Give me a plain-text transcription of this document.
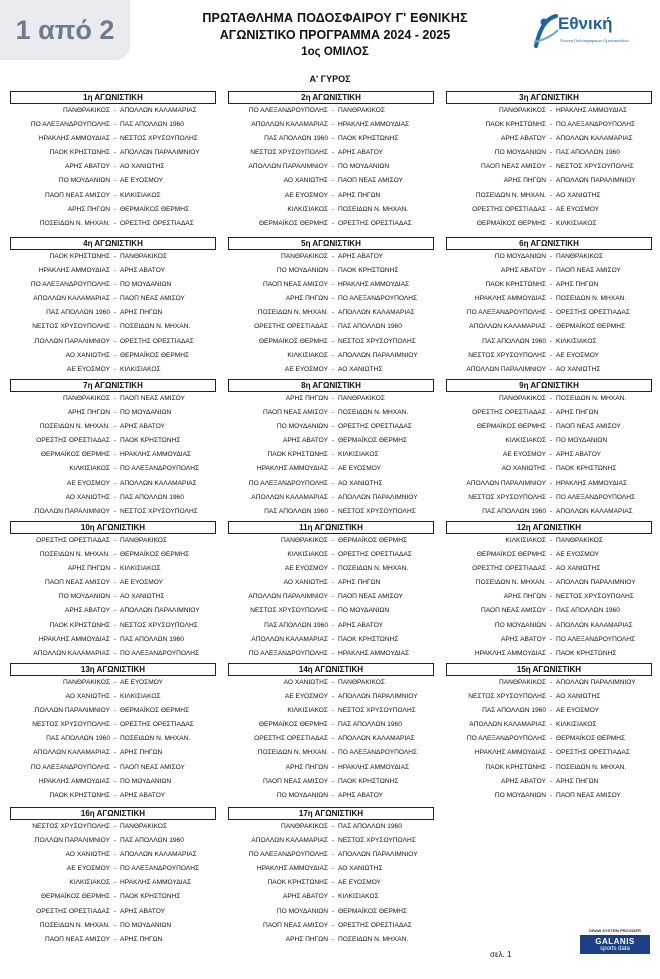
1 από 2	ΠΡΩΤΑΘΛΗΜΑ ΠΟΔΟΣΦΑΙΡΟΥ Γ' ΕΘΝΙΚΗΣ
ΑΓΩΝΙΣΤΙΚΟ ΠΡΟΓΡΑΜΜΑ 2024 - 2025
1ος ΟΜΙΛΟΣ
Εθνική
Ένωση Ποδοσφαιρικών Ομοσπονδιών
Α' ΓΥΡΟΣ
1η ΑΓΩΝΙΣΤΙΚΗ
ΠΑΝΘΡΑΚΙΚΟΣ - ΑΠΟΛΛΩΝ ΚΑΛΑΜΑΡΙΑΣ
ΠΟ ΑΛΕΞΑΝΔΡΟΥΠΟΛΗΣ - ΠΑΣ ΑΠΟΛΛΩΝ 1960
ΗΡΑΚΛΗΣ ΑΜΜΟΥΔΙΑΣ - ΝΕΣΤΟΣ ΧΡΥΣΟΥΠΟΛΗΣ
ΠΑΟΚ ΚΡΗΣΤΩΝΗΣ - ΑΠΟΛΛΩΝ ΠΑΡΑΛΙΜΝΙΟΥ
ΑΡΗΣ ΑΒΑΤΟΥ - ΑΟ ΧΑΝΙΩΤΗΣ
ΠΟ ΜΟΥΔΑΝΙΩΝ - ΑΕ ΕΥΟΣΜΟΥ
ΠΑΟΠ ΝΕΑΣ ΑΜΙΣΟΥ - ΚΙΛΚΙΣΙΑΚΟΣ
ΑΡΗΣ ΠΗΓΩΝ - ΘΕΡΜΑΪΚΟΣ ΘΕΡΜΗΣ
ΠΟΣΕΙΔΩΝ Ν. ΜΗΧΑΝ. - ΟΡΕΣΤΗΣ ΟΡΕΣΤΙΑΔΑΣ
2η ΑΓΩΝΙΣΤΙΚΗ
ΠΟ ΑΛΕΞΑΝΔΡΟΥΠΟΛΗΣ - ΠΑΝΘΡΑΚΙΚΟΣ
ΑΠΟΛΛΩΝ ΚΑΛΑΜΑΡΙΑΣ - ΗΡΑΚΛΗΣ ΑΜΜΟΥΔΙΑΣ
ΠΑΣ ΑΠΟΛΛΩΝ 1960 - ΠΑΟΚ ΚΡΗΣΤΩΝΗΣ
ΝΕΣΤΟΣ ΧΡΥΣΟΥΠΟΛΗΣ - ΑΡΗΣ ΑΒΑΤΟΥ
ΑΠΟΛΛΩΝ ΠΑΡΑΛΙΜΝΙΟΥ - ΠΟ ΜΟΥΔΑΝΙΩΝ
ΑΟ ΧΑΝΙΩΤΗΣ - ΠΑΟΠ ΝΕΑΣ ΑΜΙΣΟΥ
ΑΕ ΕΥΟΣΜΟΥ - ΑΡΗΣ ΠΗΓΩΝ
ΚΙΛΚΙΣΙΑΚΟΣ - ΠΟΣΕΙΔΩΝ Ν. ΜΗΧΑΝ.
ΘΕΡΜΑΪΚΟΣ ΘΕΡΜΗΣ - ΟΡΕΣΤΗΣ ΟΡΕΣΤΙΑΔΑΣ
3η ΑΓΩΝΙΣΤΙΚΗ
ΠΑΝΘΡΑΚΙΚΟΣ - ΗΡΑΚΛΗΣ ΑΜΜΟΥΔΙΑΣ
ΠΑΟΚ ΚΡΗΣΤΩΝΗΣ - ΠΟ ΑΛΕΞΑΝΔΡΟΥΠΟΛΗΣ
ΑΡΗΣ ΑΒΑΤΟΥ - ΑΠΟΛΛΩΝ ΚΑΛΑΜΑΡΙΑΣ
ΠΟ ΜΟΥΔΑΝΙΩΝ - ΠΑΣ ΑΠΟΛΛΩΝ 1960
ΠΑΟΠ ΝΕΑΣ ΑΜΙΣΟΥ - ΝΕΣΤΟΣ ΧΡΥΣΟΥΠΟΛΗΣ
ΑΡΗΣ ΠΗΓΩΝ - ΑΠΟΛΛΩΝ ΠΑΡΑΛΙΜΝΙΟΥ
ΠΟΣΕΙΔΩΝ Ν. ΜΗΧΑΝ. - ΑΟ ΧΑΝΙΩΤΗΣ
ΟΡΕΣΤΗΣ ΟΡΕΣΤΙΑΔΑΣ - ΑΕ ΕΥΟΣΜΟΥ
ΘΕΡΜΑΪΚΟΣ ΘΕΡΜΗΣ - ΚΙΛΚΙΣΙΑΚΟΣ
4η ΑΓΩΝΙΣΤΙΚΗ
ΠΑΟΚ ΚΡΗΣΤΩΝΗΣ - ΠΑΝΘΡΑΚΙΚΟΣ
ΗΡΑΚΛΗΣ ΑΜΜΟΥΔΙΑΣ - ΑΡΗΣ ΑΒΑΤΟΥ
ΠΟ ΑΛΕΞΑΝΔΡΟΥΠΟΛΗΣ - ΠΟ ΜΟΥΔΑΝΙΩΝ
ΑΠΟΛΛΩΝ ΚΑΛΑΜΑΡΙΑΣ - ΠΑΟΠ ΝΕΑΣ ΑΜΙΣΟΥ
ΠΑΣ ΑΠΟΛΛΩΝ 1960 - ΑΡΗΣ ΠΗΓΩΝ
ΝΕΣΤΟΣ ΧΡΥΣΟΥΠΟΛΗΣ - ΠΟΣΕΙΔΩΝ Ν. ΜΗΧΑΝ.
.ΠΟΛΛΩΝ ΠΑΡΑΛΙΜΝΙΟΥ - ΟΡΕΣΤΗΣ ΟΡΕΣΤΙΑΔΑΣ
ΑΟ ΧΑΝΙΩΤΗΣ - ΘΕΡΜΑΪΚΟΣ ΘΕΡΜΗΣ
ΑΕ ΕΥΟΣΜΟΥ - ΚΙΛΚΙΣΙΑΚΟΣ
5η ΑΓΩΝΙΣΤΙΚΗ
ΠΑΝΘΡΑΚΙΚΟΣ - ΑΡΗΣ ΑΒΑΤΟΥ
ΠΟ ΜΟΥΔΑΝΙΩΝ - ΠΑΟΚ ΚΡΗΣΤΩΝΗΣ
ΠΑΟΠ ΝΕΑΣ ΑΜΙΣΟΥ - ΗΡΑΚΛΗΣ ΑΜΜΟΥΔΙΑΣ
ΑΡΗΣ ΠΗΓΩΝ - ΠΟ ΑΛΕΞΑΝΔΡΟΥΠΟΛΗΣ
ΠΟΣΕΙΔΩΝ Ν. ΜΗΧΑΝ. - ΑΠΟΛΛΩΝ ΚΑΛΑΜΑΡΙΑΣ
ΟΡΕΣΤΗΣ ΟΡΕΣΤΙΑΔΑΣ - ΠΑΣ ΑΠΟΛΛΩΝ 1960
ΘΕΡΜΑΪΚΟΣ ΘΕΡΜΗΣ - ΝΕΣΤΟΣ ΧΡΥΣΟΥΠΟΛΗΣ
ΚΙΛΚΙΣΙΑΚΟΣ - ΑΠΟΛΛΩΝ ΠΑΡΑΛΙΜΝΙΟΥ
ΑΕ ΕΥΟΣΜΟΥ - ΑΟ ΧΑΝΙΩΤΗΣ
6η ΑΓΩΝΙΣΤΙΚΗ
ΠΟ ΜΟΥΔΑΝΙΩΝ - ΠΑΝΘΡΑΚΙΚΟΣ
ΑΡΗΣ ΑΒΑΤΟΥ - ΠΑΟΠ ΝΕΑΣ ΑΜΙΣΟΥ
ΠΑΟΚ ΚΡΗΣΤΩΝΗΣ - ΑΡΗΣ ΠΗΓΩΝ
ΗΡΑΚΛΗΣ ΑΜΜΟΥΔΙΑΣ - ΠΟΣΕΙΔΩΝ Ν. ΜΗΧΑΝ.
ΠΟ ΑΛΕΞΑΝΔΡΟΥΠΟΛΗΣ - ΟΡΕΣΤΗΣ ΟΡΕΣΤΙΑΔΑΣ
ΑΠΟΛΛΩΝ ΚΑΛΑΜΑΡΙΑΣ - ΘΕΡΜΑΪΚΟΣ ΘΕΡΜΗΣ
ΠΑΣ ΑΠΟΛΛΩΝ 1960 - ΚΙΛΚΙΣΙΑΚΟΣ
ΝΕΣΤΟΣ ΧΡΥΣΟΥΠΟΛΗΣ - ΑΕ ΕΥΟΣΜΟΥ
ΑΠΟΛΛΩΝ ΠΑΡΑΛΙΜΝΙΟΥ - ΑΟ ΧΑΝΙΩΤΗΣ
7η ΑΓΩΝΙΣΤΙΚΗ
ΠΑΝΘΡΑΚΙΚΟΣ - ΠΑΟΠ ΝΕΑΣ ΑΜΙΣΟΥ
ΑΡΗΣ ΠΗΓΩΝ - ΠΟ ΜΟΥΔΑΝΙΩΝ
ΠΟΣΕΙΔΩΝ Ν. ΜΗΧΑΝ. - ΑΡΗΣ ΑΒΑΤΟΥ
ΟΡΕΣΤΗΣ ΟΡΕΣΤΙΑΔΑΣ - ΠΑΟΚ ΚΡΗΣΤΩΝΗΣ
ΘΕΡΜΑΪΚΟΣ ΘΕΡΜΗΣ - ΗΡΑΚΛΗΣ ΑΜΜΟΥΔΙΑΣ
ΚΙΛΚΙΣΙΑΚΟΣ - ΠΟ ΑΛΕΞΑΝΔΡΟΥΠΟΛΗΣ
ΑΕ ΕΥΟΣΜΟΥ - ΑΠΟΛΛΩΝ ΚΑΛΑΜΑΡΙΑΣ
ΑΟ ΧΑΝΙΩΤΗΣ - ΠΑΣ ΑΠΟΛΛΩΝ 1960
.ΠΟΛΛΩΝ ΠΑΡΑΛΙΜΝΙΟΥ - ΝΕΣΤΟΣ ΧΡΥΣΟΥΠΟΛΗΣ
8η ΑΓΩΝΙΣΤΙΚΗ
ΑΡΗΣ ΠΗΓΩΝ - ΠΑΝΘΡΑΚΙΚΟΣ
ΠΑΟΠ ΝΕΑΣ ΑΜΙΣΟΥ - ΠΟΣΕΙΔΩΝ Ν. ΜΗΧΑΝ.
ΠΟ ΜΟΥΔΑΝΙΩΝ - ΟΡΕΣΤΗΣ ΟΡΕΣΤΙΑΔΑΣ
ΑΡΗΣ ΑΒΑΤΟΥ - ΘΕΡΜΑΪΚΟΣ ΘΕΡΜΗΣ
ΠΑΟΚ ΚΡΗΣΤΩΝΗΣ - ΚΙΛΚΙΣΙΑΚΟΣ
ΗΡΑΚΛΗΣ ΑΜΜΟΥΔΙΑΣ - ΑΕ ΕΥΟΣΜΟΥ
ΠΟ ΑΛΕΞΑΝΔΡΟΥΠΟΛΗΣ - ΑΟ ΧΑΝΙΩΤΗΣ
ΑΠΟΛΛΩΝ ΚΑΛΑΜΑΡΙΑΣ - ΑΠΟΛΛΩΝ ΠΑΡΑΛΙΜΝΙΟΥ
ΠΑΣ ΑΠΟΛΛΩΝ 1960 - ΝΕΣΤΟΣ ΧΡΥΣΟΥΠΟΛΗΣ
9η ΑΓΩΝΙΣΤΙΚΗ
ΠΑΝΘΡΑΚΙΚΟΣ - ΠΟΣΕΙΔΩΝ Ν. ΜΗΧΑΝ.
ΟΡΕΣΤΗΣ ΟΡΕΣΤΙΑΔΑΣ - ΑΡΗΣ ΠΗΓΩΝ
ΘΕΡΜΑΪΚΟΣ ΘΕΡΜΗΣ - ΠΑΟΠ ΝΕΑΣ ΑΜΙΣΟΥ
ΚΙΛΚΙΣΙΑΚΟΣ - ΠΟ ΜΟΥΔΑΝΙΩΝ
ΑΕ ΕΥΟΣΜΟΥ - ΑΡΗΣ ΑΒΑΤΟΥ
ΑΟ ΧΑΝΙΩΤΗΣ - ΠΑΟΚ ΚΡΗΣΤΩΝΗΣ
ΑΠΟΛΛΩΝ ΠΑΡΑΛΙΜΝΙΟΥ - ΗΡΑΚΛΗΣ ΑΜΜΟΥΔΙΑΣ
ΝΕΣΤΟΣ ΧΡΥΣΟΥΠΟΛΗΣ - ΠΟ ΑΛΕΞΑΝΔΡΟΥΠΟΛΗΣ
ΠΑΣ ΑΠΟΛΛΩΝ 1960 - ΑΠΟΛΛΩΝ ΚΑΛΑΜΑΡΙΑΣ
10η ΑΓΩΝΙΣΤΙΚΗ
ΟΡΕΣΤΗΣ ΟΡΕΣΤΙΑΔΑΣ - ΠΑΝΘΡΑΚΙΚΟΣ
ΠΟΣΕΙΔΩΝ Ν. ΜΗΧΑΝ. - ΘΕΡΜΑΪΚΟΣ ΘΕΡΜΗΣ
ΑΡΗΣ ΠΗΓΩΝ - ΚΙΛΚΙΣΙΑΚΟΣ
ΠΑΟΠ ΝΕΑΣ ΑΜΙΣΟΥ - ΑΕ ΕΥΟΣΜΟΥ
ΠΟ ΜΟΥΔΑΝΙΩΝ - ΑΟ ΧΑΝΙΩΤΗΣ
ΑΡΗΣ ΑΒΑΤΟΥ - ΑΠΟΛΛΩΝ ΠΑΡΑΛΙΜΝΙΟΥ
ΠΑΟΚ ΚΡΗΣΤΩΝΗΣ - ΝΕΣΤΟΣ ΧΡΥΣΟΥΠΟΛΗΣ
ΗΡΑΚΛΗΣ ΑΜΜΟΥΔΙΑΣ - ΠΑΣ ΑΠΟΛΛΩΝ 1960
ΑΠΟΛΛΩΝ ΚΑΛΑΜΑΡΙΑΣ - ΠΟ ΑΛΕΞΑΝΔΡΟΥΠΟΛΗΣ
11η ΑΓΩΝΙΣΤΙΚΗ
ΠΑΝΘΡΑΚΙΚΟΣ - ΘΕΡΜΑΪΚΟΣ ΘΕΡΜΗΣ
ΚΙΛΚΙΣΙΑΚΟΣ - ΟΡΕΣΤΗΣ ΟΡΕΣΤΙΑΔΑΣ
ΑΕ ΕΥΟΣΜΟΥ - ΠΟΣΕΙΔΩΝ Ν. ΜΗΧΑΝ.
ΑΟ ΧΑΝΙΩΤΗΣ - ΑΡΗΣ ΠΗΓΩΝ
ΑΠΟΛΛΩΝ ΠΑΡΑΛΙΜΝΙΟΥ - ΠΑΟΠ ΝΕΑΣ ΑΜΙΣΟΥ
ΝΕΣΤΟΣ ΧΡΥΣΟΥΠΟΛΗΣ - ΠΟ ΜΟΥΔΑΝΙΩΝ
ΠΑΣ ΑΠΟΛΛΩΝ 1960 - ΑΡΗΣ ΑΒΑΤΟΥ
ΑΠΟΛΛΩΝ ΚΑΛΑΜΑΡΙΑΣ - ΠΑΟΚ ΚΡΗΣΤΩΝΗΣ
ΠΟ ΑΛΕΞΑΝΔΡΟΥΠΟΛΗΣ - ΗΡΑΚΛΗΣ ΑΜΜΟΥΔΙΑΣ
12η ΑΓΩΝΙΣΤΙΚΗ
ΚΙΛΚΙΣΙΑΚΟΣ - ΠΑΝΘΡΑΚΙΚΟΣ
ΘΕΡΜΑΪΚΟΣ ΘΕΡΜΗΣ - ΑΕ ΕΥΟΣΜΟΥ
ΟΡΕΣΤΗΣ ΟΡΕΣΤΙΑΔΑΣ - ΑΟ ΧΑΝΙΩΤΗΣ
ΠΟΣΕΙΔΩΝ Ν. ΜΗΧΑΝ. - ΑΠΟΛΛΩΝ ΠΑΡΑΛΙΜΝΙΟΥ
ΑΡΗΣ ΠΗΓΩΝ - ΝΕΣΤΟΣ ΧΡΥΣΟΥΠΟΛΗΣ
ΠΑΟΠ ΝΕΑΣ ΑΜΙΣΟΥ - ΠΑΣ ΑΠΟΛΛΩΝ 1960
ΠΟ ΜΟΥΔΑΝΙΩΝ - ΑΠΟΛΛΩΝ ΚΑΛΑΜΑΡΙΑΣ
ΑΡΗΣ ΑΒΑΤΟΥ - ΠΟ ΑΛΕΞΑΝΔΡΟΥΠΟΛΗΣ
ΗΡΑΚΛΗΣ ΑΜΜΟΥΔΙΑΣ - ΠΑΟΚ ΚΡΗΣΤΩΝΗΣ
13η ΑΓΩΝΙΣΤΙΚΗ
ΠΑΝΘΡΑΚΙΚΟΣ - ΑΕ ΕΥΟΣΜΟΥ
ΑΟ ΧΑΝΙΩΤΗΣ - ΚΙΛΚΙΣΙΑΚΟΣ
.ΠΟΛΛΩΝ ΠΑΡΑΛΙΜΝΙΟΥ - ΘΕΡΜΑΪΚΟΣ ΘΕΡΜΗΣ
ΝΕΣΤΟΣ ΧΡΥΣΟΥΠΟΛΗΣ - ΟΡΕΣΤΗΣ ΟΡΕΣΤΙΑΔΑΣ
ΠΑΣ ΑΠΟΛΛΩΝ 1960 - ΠΟΣΕΙΔΩΝ Ν. ΜΗΧΑΝ.
ΑΠΟΛΛΩΝ ΚΑΛΑΜΑΡΙΑΣ - ΑΡΗΣ ΠΗΓΩΝ
ΠΟ ΑΛΕΞΑΝΔΡΟΥΠΟΛΗΣ - ΠΑΟΠ ΝΕΑΣ ΑΜΙΣΟΥ
ΗΡΑΚΛΗΣ ΑΜΜΟΥΔΙΑΣ - ΠΟ ΜΟΥΔΑΝΙΩΝ
ΠΑΟΚ ΚΡΗΣΤΩΝΗΣ - ΑΡΗΣ ΑΒΑΤΟΥ
14η ΑΓΩΝΙΣΤΙΚΗ
ΑΟ ΧΑΝΙΩΤΗΣ - ΠΑΝΘΡΑΚΙΚΟΣ
ΑΕ ΕΥΟΣΜΟΥ - ΑΠΟΛΛΩΝ ΠΑΡΑΛΙΜΝΙΟΥ
ΚΙΛΚΙΣΙΑΚΟΣ - ΝΕΣΤΟΣ ΧΡΥΣΟΥΠΟΛΗΣ
ΘΕΡΜΑΪΚΟΣ ΘΕΡΜΗΣ - ΠΑΣ ΑΠΟΛΛΩΝ 1960
ΟΡΕΣΤΗΣ ΟΡΕΣΤΙΑΔΑΣ - ΑΠΟΛΛΩΝ ΚΑΛΑΜΑΡΙΑΣ
ΠΟΣΕΙΔΩΝ Ν. ΜΗΧΑΝ. - ΠΟ ΑΛΕΞΑΝΔΡΟΥΠΟΛΗΣ
ΑΡΗΣ ΠΗΓΩΝ - ΗΡΑΚΛΗΣ ΑΜΜΟΥΔΙΑΣ
ΠΑΟΠ ΝΕΑΣ ΑΜΙΣΟΥ - ΠΑΟΚ ΚΡΗΣΤΩΝΗΣ
ΠΟ ΜΟΥΔΑΝΙΩΝ - ΑΡΗΣ ΑΒΑΤΟΥ
15η ΑΓΩΝΙΣΤΙΚΗ
ΠΑΝΘΡΑΚΙΚΟΣ - ΑΠΟΛΛΩΝ ΠΑΡΑΛΙΜΝΙΟΥ
ΝΕΣΤΟΣ ΧΡΥΣΟΥΠΟΛΗΣ - ΑΟ ΧΑΝΙΩΤΗΣ
ΠΑΣ ΑΠΟΛΛΩΝ 1960 - ΑΕ ΕΥΟΣΜΟΥ
ΑΠΟΛΛΩΝ ΚΑΛΑΜΑΡΙΑΣ - ΚΙΛΚΙΣΙΑΚΟΣ
ΠΟ ΑΛΕΞΑΝΔΡΟΥΠΟΛΗΣ - ΘΕΡΜΑΪΚΟΣ ΘΕΡΜΗΣ
ΗΡΑΚΛΗΣ ΑΜΜΟΥΔΙΑΣ - ΟΡΕΣΤΗΣ ΟΡΕΣΤΙΑΔΑΣ
ΠΑΟΚ ΚΡΗΣΤΩΝΗΣ - ΠΟΣΕΙΔΩΝ Ν. ΜΗΧΑΝ.
ΑΡΗΣ ΑΒΑΤΟΥ - ΑΡΗΣ ΠΗΓΩΝ
ΠΟ ΜΟΥΔΑΝΙΩΝ - ΠΑΟΠ ΝΕΑΣ ΑΜΙΣΟΥ
16η ΑΓΩΝΙΣΤΙΚΗ
ΝΕΣΤΟΣ ΧΡΥΣΟΥΠΟΛΗΣ - ΠΑΝΘΡΑΚΙΚΟΣ
.ΠΟΛΛΩΝ ΠΑΡΑΛΙΜΝΙΟΥ - ΠΑΣ ΑΠΟΛΛΩΝ 1960
ΑΟ ΧΑΝΙΩΤΗΣ - ΑΠΟΛΛΩΝ ΚΑΛΑΜΑΡΙΑΣ
ΑΕ ΕΥΟΣΜΟΥ - ΠΟ ΑΛΕΞΑΝΔΡΟΥΠΟΛΗΣ
ΚΙΛΚΙΣΙΑΚΟΣ - ΗΡΑΚΛΗΣ ΑΜΜΟΥΔΙΑΣ
ΘΕΡΜΑΪΚΟΣ ΘΕΡΜΗΣ - ΠΑΟΚ ΚΡΗΣΤΩΝΗΣ
ΟΡΕΣΤΗΣ ΟΡΕΣΤΙΑΔΑΣ - ΑΡΗΣ ΑΒΑΤΟΥ
ΠΟΣΕΙΔΩΝ Ν. ΜΗΧΑΝ. - ΠΟ ΜΟΥΔΑΝΙΩΝ
ΠΑΟΠ ΝΕΑΣ ΑΜΙΣΟΥ - ΑΡΗΣ ΠΗΓΩΝ
17η ΑΓΩΝΙΣΤΙΚΗ
ΠΑΝΘΡΑΚΙΚΟΣ - ΠΑΣ ΑΠΟΛΛΩΝ 1960
ΑΠΟΛΛΩΝ ΚΑΛΑΜΑΡΙΑΣ - ΝΕΣΤΟΣ ΧΡΥΣΟΥΠΟΛΗΣ
ΠΟ ΑΛΕΞΑΝΔΡΟΥΠΟΛΗΣ - ΑΠΟΛΛΩΝ ΠΑΡΑΛΙΜΝΙΟΥ
ΗΡΑΚΛΗΣ ΑΜΜΟΥΔΙΑΣ - ΑΟ ΧΑΝΙΩΤΗΣ
ΠΑΟΚ ΚΡΗΣΤΩΝΗΣ - ΑΕ ΕΥΟΣΜΟΥ
ΑΡΗΣ ΑΒΑΤΟΥ - ΚΙΛΚΙΣΙΑΚΟΣ
ΠΟ ΜΟΥΔΑΝΙΩΝ - ΘΕΡΜΑΪΚΟΣ ΘΕΡΜΗΣ
ΠΑΟΠ ΝΕΑΣ ΑΜΙΣΟΥ - ΟΡΕΣΤΗΣ ΟΡΕΣΤΙΑΔΑΣ
ΑΡΗΣ ΠΗΓΩΝ - ΠΟΣΕΙΔΩΝ Ν. ΜΗΧΑΝ.
σελ. 1
DRAW SYSTEM PROVIDER
GALANIS
sports data
